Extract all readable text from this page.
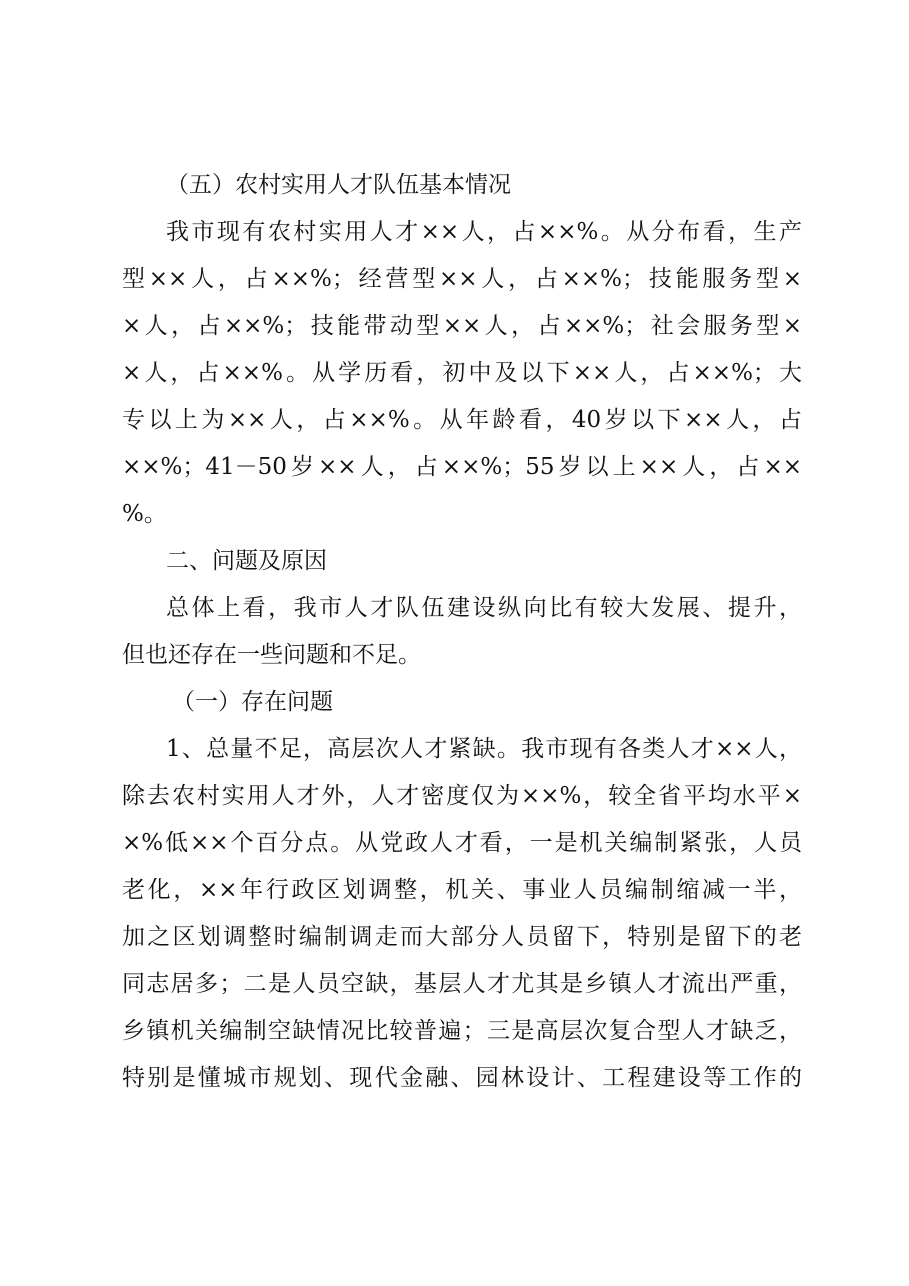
（五）农村实用人才队伍基本情况
我市现有农村实用人才××人，占××%。从分布看，生产
型××人，占××%；经营型××人，占××%；技能服务型×
×人，占××%；技能带动型××人，占××%；社会服务型×
×人，占××%。从学历看，初中及以下××人，占××%；大
专以上为××人，占××%。从年龄看，40岁以下××人，占
××%；41－50岁××人，占××%；55岁以上××人，占××
%。
二、问题及原因
总体上看，我市人才队伍建设纵向比有较大发展、提升，
但也还存在一些问题和不足。
（一）存在问题
1、总量不足，高层次人才紧缺。我市现有各类人才××人，
除去农村实用人才外，人才密度仅为××%，较全省平均水平×
×%低××个百分点。从党政人才看，一是机关编制紧张，人员
老化，××年行政区划调整，机关、事业人员编制缩减一半，
加之区划调整时编制调走而大部分人员留下，特别是留下的老
同志居多；二是人员空缺，基层人才尤其是乡镇人才流出严重，
乡镇机关编制空缺情况比较普遍；三是高层次复合型人才缺乏，
特别是懂城市规划、现代金融、园林设计、工程建设等工作的
